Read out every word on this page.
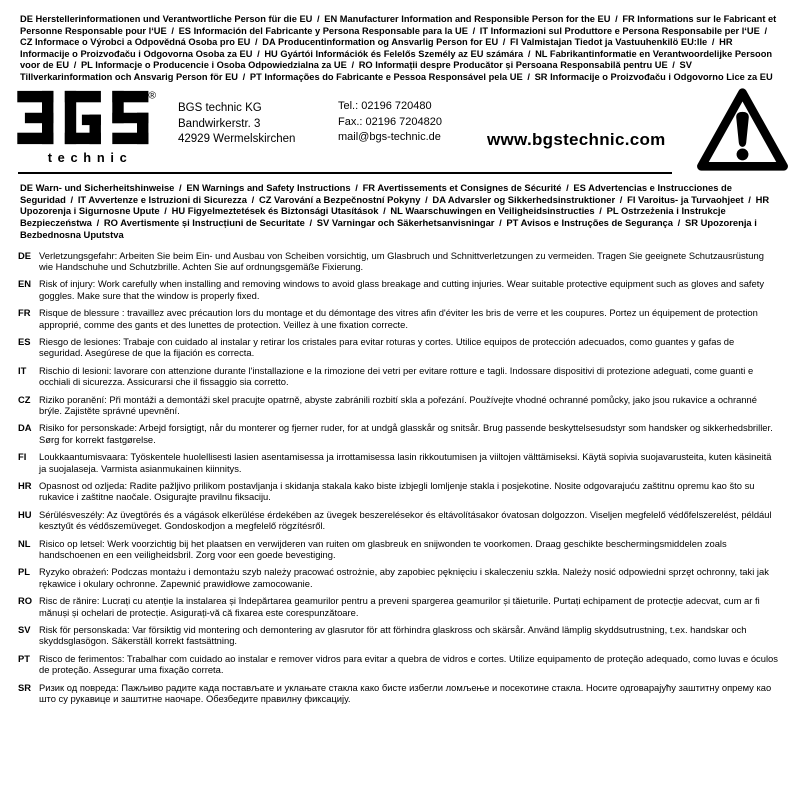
DE Herstellerinformationen und Verantwortliche Person für die EU / EN Manufacturer Information and Responsible Person for the EU / FR Informations sur le Fabricant et Personne Responsable pour l‘UE / ES Información del Fabricante y Persona Responsable para la UE / IT Informazioni sul Produttore e Persona Responsabile per l‘UE / CZ Informace o Výrobci a Odpovědná Osoba pro EU / DA Producentinformation og Ansvarlig Person for EU / FI Valmistajan Tiedot ja Vastuuhenkilö EU:lle / HR Informacije o Proizvođaču i Odgovorna Osoba za EU / HU Gyártói Információk és Felelős Személy az EU számára / NL Fabrikantinformatie en Verantwoordelijke Persoon voor de EU / PL Informacje o Producencie i Osoba Odpowiedzialna za UE / RO Informații despre Producător și Persoana Responsabilă pentru UE / SV Tillverkarinformation och Ansvarig Person för EU / PT Informações do Fabricante e Pessoa Responsável pela UE / SR Informacije o Proizvođaču i Odgovorno Lice za EU
®
technic
BGS technic KG
Bandwirkerstr. 3
42929 Wermelskirchen
Tel.: 02196 720480
Fax.: 02196 7204820
mail@bgs-technic.de	www.bgstechnic.com
DE Warn- und Sicherheitshinweise / EN Warnings and Safety Instructions / FR Avertissements et Consignes de Sécurité / ES Advertencias e Instrucciones de Seguridad / IT Avvertenze e Istruzioni di Sicurezza / CZ Varování a Bezpečnostní Pokyny / DA Advarsler og Sikkerhedsinstruktioner / FI Varoitus- ja Turvaohjeet / HR Upozorenja i Sigurnosne Upute / HU Figyelmeztetések és Biztonsági Utasítások / NL Waarschuwingen en Veiligheidsinstructies / PL Ostrzeżenia i Instrukcje Bezpieczeństwa / RO Avertismente și Instrucțiuni de Securitate / SV Varningar och Säkerhetsanvisningar / PT Avisos e Instruções de Segurança / SR Upozorenja i Bezbednosna Uputstva
DE Verletzungsgefahr: Arbeiten Sie beim Ein- und Ausbau von Scheiben vorsichtig, um Glasbruch und Schnittverletzungen zu vermeiden. Tragen Sie geeignete Schutzausrüstung wie Handschuhe und Schutzbrille. Achten Sie auf ordnungsgemäße Fixierung.
EN Risk of injury: Work carefully when installing and removing windows to avoid glass breakage and cutting injuries. Wear suitable protective equipment such as gloves and safety goggles. Make sure that the window is properly fixed.
FR Risque de blessure : travaillez avec précaution lors du montage et du démontage des vitres afin d'éviter les bris de verre et les coupures. Portez un équipement de protection approprié, comme des gants et des lunettes de protection. Veillez à une fixation correcte.
ES Riesgo de lesiones: Trabaje con cuidado al instalar y retirar los cristales para evitar roturas y cortes. Utilice equipos de protección adecuados, como guantes y gafas de seguridad. Asegúrese de que la fijación es correcta.
IT	Rischio di lesioni: lavorare con attenzione durante l'installazione e la rimozione dei vetri per evitare rotture e tagli. Indossare dispositivi di protezione adeguati, come guanti e occhiali di sicurezza. Assicurarsi che il fissaggio sia corretto.
CZ Riziko poranění: Při montáži a demontáži skel pracujte opatrně, abyste zabránili rozbití skla a pořezání. Používejte vhodné ochranné pomůcky, jako jsou rukavice a ochranné brýle. Zajistěte správné upevnění.
DA Risiko for personskade: Arbejd forsigtigt, når du monterer og fjerner ruder, for at undgå glasskår og snitsår. Brug passende beskyttelsesudstyr som handsker og sikkerhedsbriller. Sørg for korrekt fastgørelse.
FI	Loukkaantumisvaara: Työskentele huolellisesti lasien asentamisessa ja irrottamisessa lasin rikkoutumisen ja viiltojen välttämiseksi. Käytä sopivia suojavarusteita, kuten käsineitä ja suojalaseja. Varmista asianmukainen kiinnitys.
HR Opasnost od ozljeda: Radite pažljivo prilikom postavljanja i skidanja stakala kako biste izbjegli lomljenje stakla i posjekotine. Nosite odgovarajuću zaštitnu opremu kao što su rukavice i zaštitne naočale. Osigurajte pravilnu fiksaciju.
HU Sérülésveszély: Az üvegtörés és a vágások elkerülése érdekében az üvegek beszerelésekor és eltávolításakor óvatosan dolgozzon. Viseljen megfelelő védőfelszerelést, például kesztyűt és védőszemüveget. Gondoskodjon a megfelelő rögzítésről.
NL Risico op letsel: Werk voorzichtig bij het plaatsen en verwijderen van ruiten om glasbreuk en snijwonden te voorkomen. Draag geschikte beschermingsmiddelen zoals handschoenen en een veiligheidsbril. Zorg voor een goede bevestiging.
PL Ryzyko obrażeń: Podczas montażu i demontażu szyb należy pracować ostrożnie, aby zapobiec pęknięciu i skaleczeniu szkła. Należy nosić odpowiedni sprzęt ochronny, taki jak rękawice i okulary ochronne. Zapewnić prawidłowe zamocowanie.
RO Risc de rănire: Lucrați cu atenție la instalarea și îndepărtarea geamurilor pentru a preveni spargerea geamurilor și tăieturile. Purtați echipament de protecție adecvat, cum ar fi mănuși și ochelari de protecție. Asigurați-vă că fixarea este corespunzătoare.
SV Risk för personskada: Var försiktig vid montering och demontering av glasrutor för att förhindra glaskross och skärsår. Använd lämplig skyddsutrustning, t.ex. handskar och skyddsglasögon. Säkerställ korrekt fastsättning.
PT Risco de ferimentos: Trabalhar com cuidado ao instalar e remover vidros para evitar a quebra de vidros e cortes. Utilize equipamento de proteção adequado, como luvas e óculos de proteção. Assegurar uma fixação correta.
SR Ризик од повреда: Пажљиво радите када постављате и уклањате стакла како бисте избегли ломљење и посекотине стакла. Носите одговарајућу заштитну опрему као што су рукавице и заштитне наочаре. Обезбедите правилну фиксацију.
